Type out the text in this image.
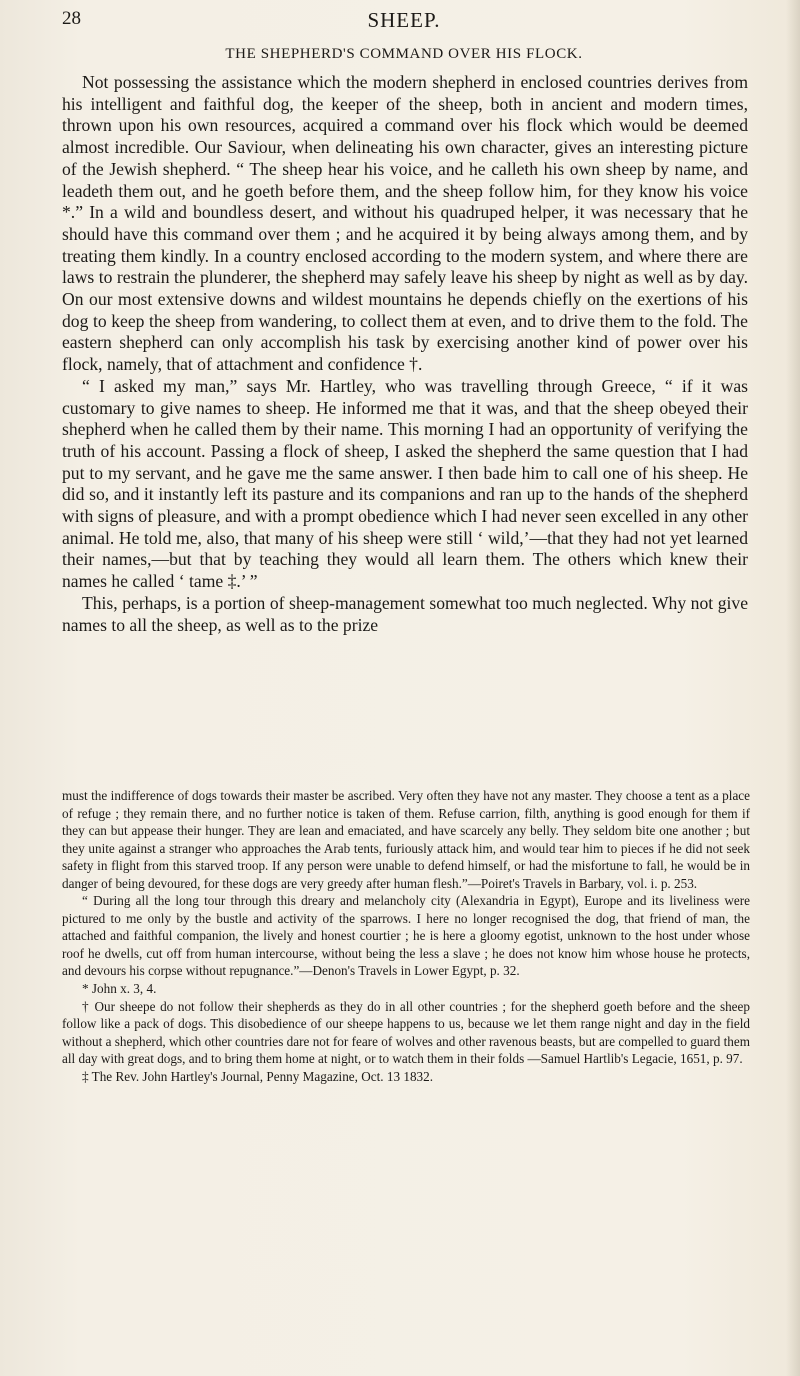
28	SHEEP.
THE SHEPHERD'S COMMAND OVER HIS FLOCK.

Not possessing the assistance which the modern shepherd in enclosed countries derives from his intelligent and faithful dog, the keeper of the sheep, both in ancient and modern times, thrown upon his own resources, acquired a command over his flock which would be deemed almost incredible. Our Saviour, when delineating his own character, gives an interesting picture of the Jewish shepherd. “ The sheep hear his voice, and he calleth his own sheep by name, and leadeth them out, and he goeth before them, and the sheep follow him, for they know his voice *.” In a wild and boundless desert, and without his quadruped helper, it was necessary that he should have this command over them ; and he acquired it by being always among them, and by treating them kindly. In a country enclosed according to the modern system, and where there are laws to restrain the plunderer, the shepherd may safely leave his sheep by night as well as by day. On our most extensive downs and wildest mountains he depends chiefly on the exertions of his dog to keep the sheep from wandering, to collect them at even, and to drive them to the fold. The eastern shepherd can only accomplish his task by exercising another kind of power over his flock, namely, that of attachment and confidence †.

“ I asked my man,” says Mr. Hartley, who was travelling through Greece, “ if it was customary to give names to sheep. He informed me that it was, and that the sheep obeyed their shepherd when he called them by their name. This morning I had an opportunity of verifying the truth of his account. Passing a flock of sheep, I asked the shepherd the same question that I had put to my servant, and he gave me the same answer. I then bade him to call one of his sheep. He did so, and it instantly left its pasture and its companions and ran up to the hands of the shepherd with signs of pleasure, and with a prompt obedience which I had never seen excelled in any other animal. He told me, also, that many of his sheep were still ‘ wild,’—that they had not yet learned their names,—but that by teaching they would all learn them. The others which knew their names he called ‘ tame ‡.’ ”

This, perhaps, is a portion of sheep-management somewhat too much neglected. Why not give names to all the sheep, as well as to the prize

must the indifference of dogs towards their master be ascribed. Very often they have not any master. They choose a tent as a place of refuge ; they remain there, and no further notice is taken of them. Refuse carrion, filth, anything is good enough for them if they can but appease their hunger. They are lean and emaciated, and have scarcely any belly. They seldom bite one another ; but they unite against a stranger who approaches the Arab tents, furiously attack him, and would tear him to pieces if he did not seek safety in flight from this starved troop. If any person were unable to defend himself, or had the misfortune to fall, he would be in danger of being devoured, for these dogs are very greedy after human flesh.”—Poiret's Travels in Barbary, vol. i. p. 253.

“ During all the long tour through this dreary and melancholy city (Alexandria in Egypt), Europe and its liveliness were pictured to me only by the bustle and activity of the sparrows. I here no longer recognised the dog, that friend of man, the attached and faithful companion, the lively and honest courtier ; he is here a gloomy egotist, unknown to the host under whose roof he dwells, cut off from human intercourse, without being the less a slave ; he does not know him whose house he protects, and devours his corpse without repugnance.”—Denon's Travels in Lower Egypt, p. 32.

* John x. 3, 4.

† Our sheepe do not follow their shepherds as they do in all other countries ; for the shepherd goeth before and the sheep follow like a pack of dogs. This disobedience of our sheepe happens to us, because we let them range night and day in the field without a shepherd, which other countries dare not for feare of wolves and other ravenous beasts, but are compelled to guard them all day with great dogs, and to bring them home at night, or to watch them in their folds —Samuel Hartlib's Legacie, 1651, p. 97.

‡ The Rev. John Hartley's Journal, Penny Magazine, Oct. 13 1832.
